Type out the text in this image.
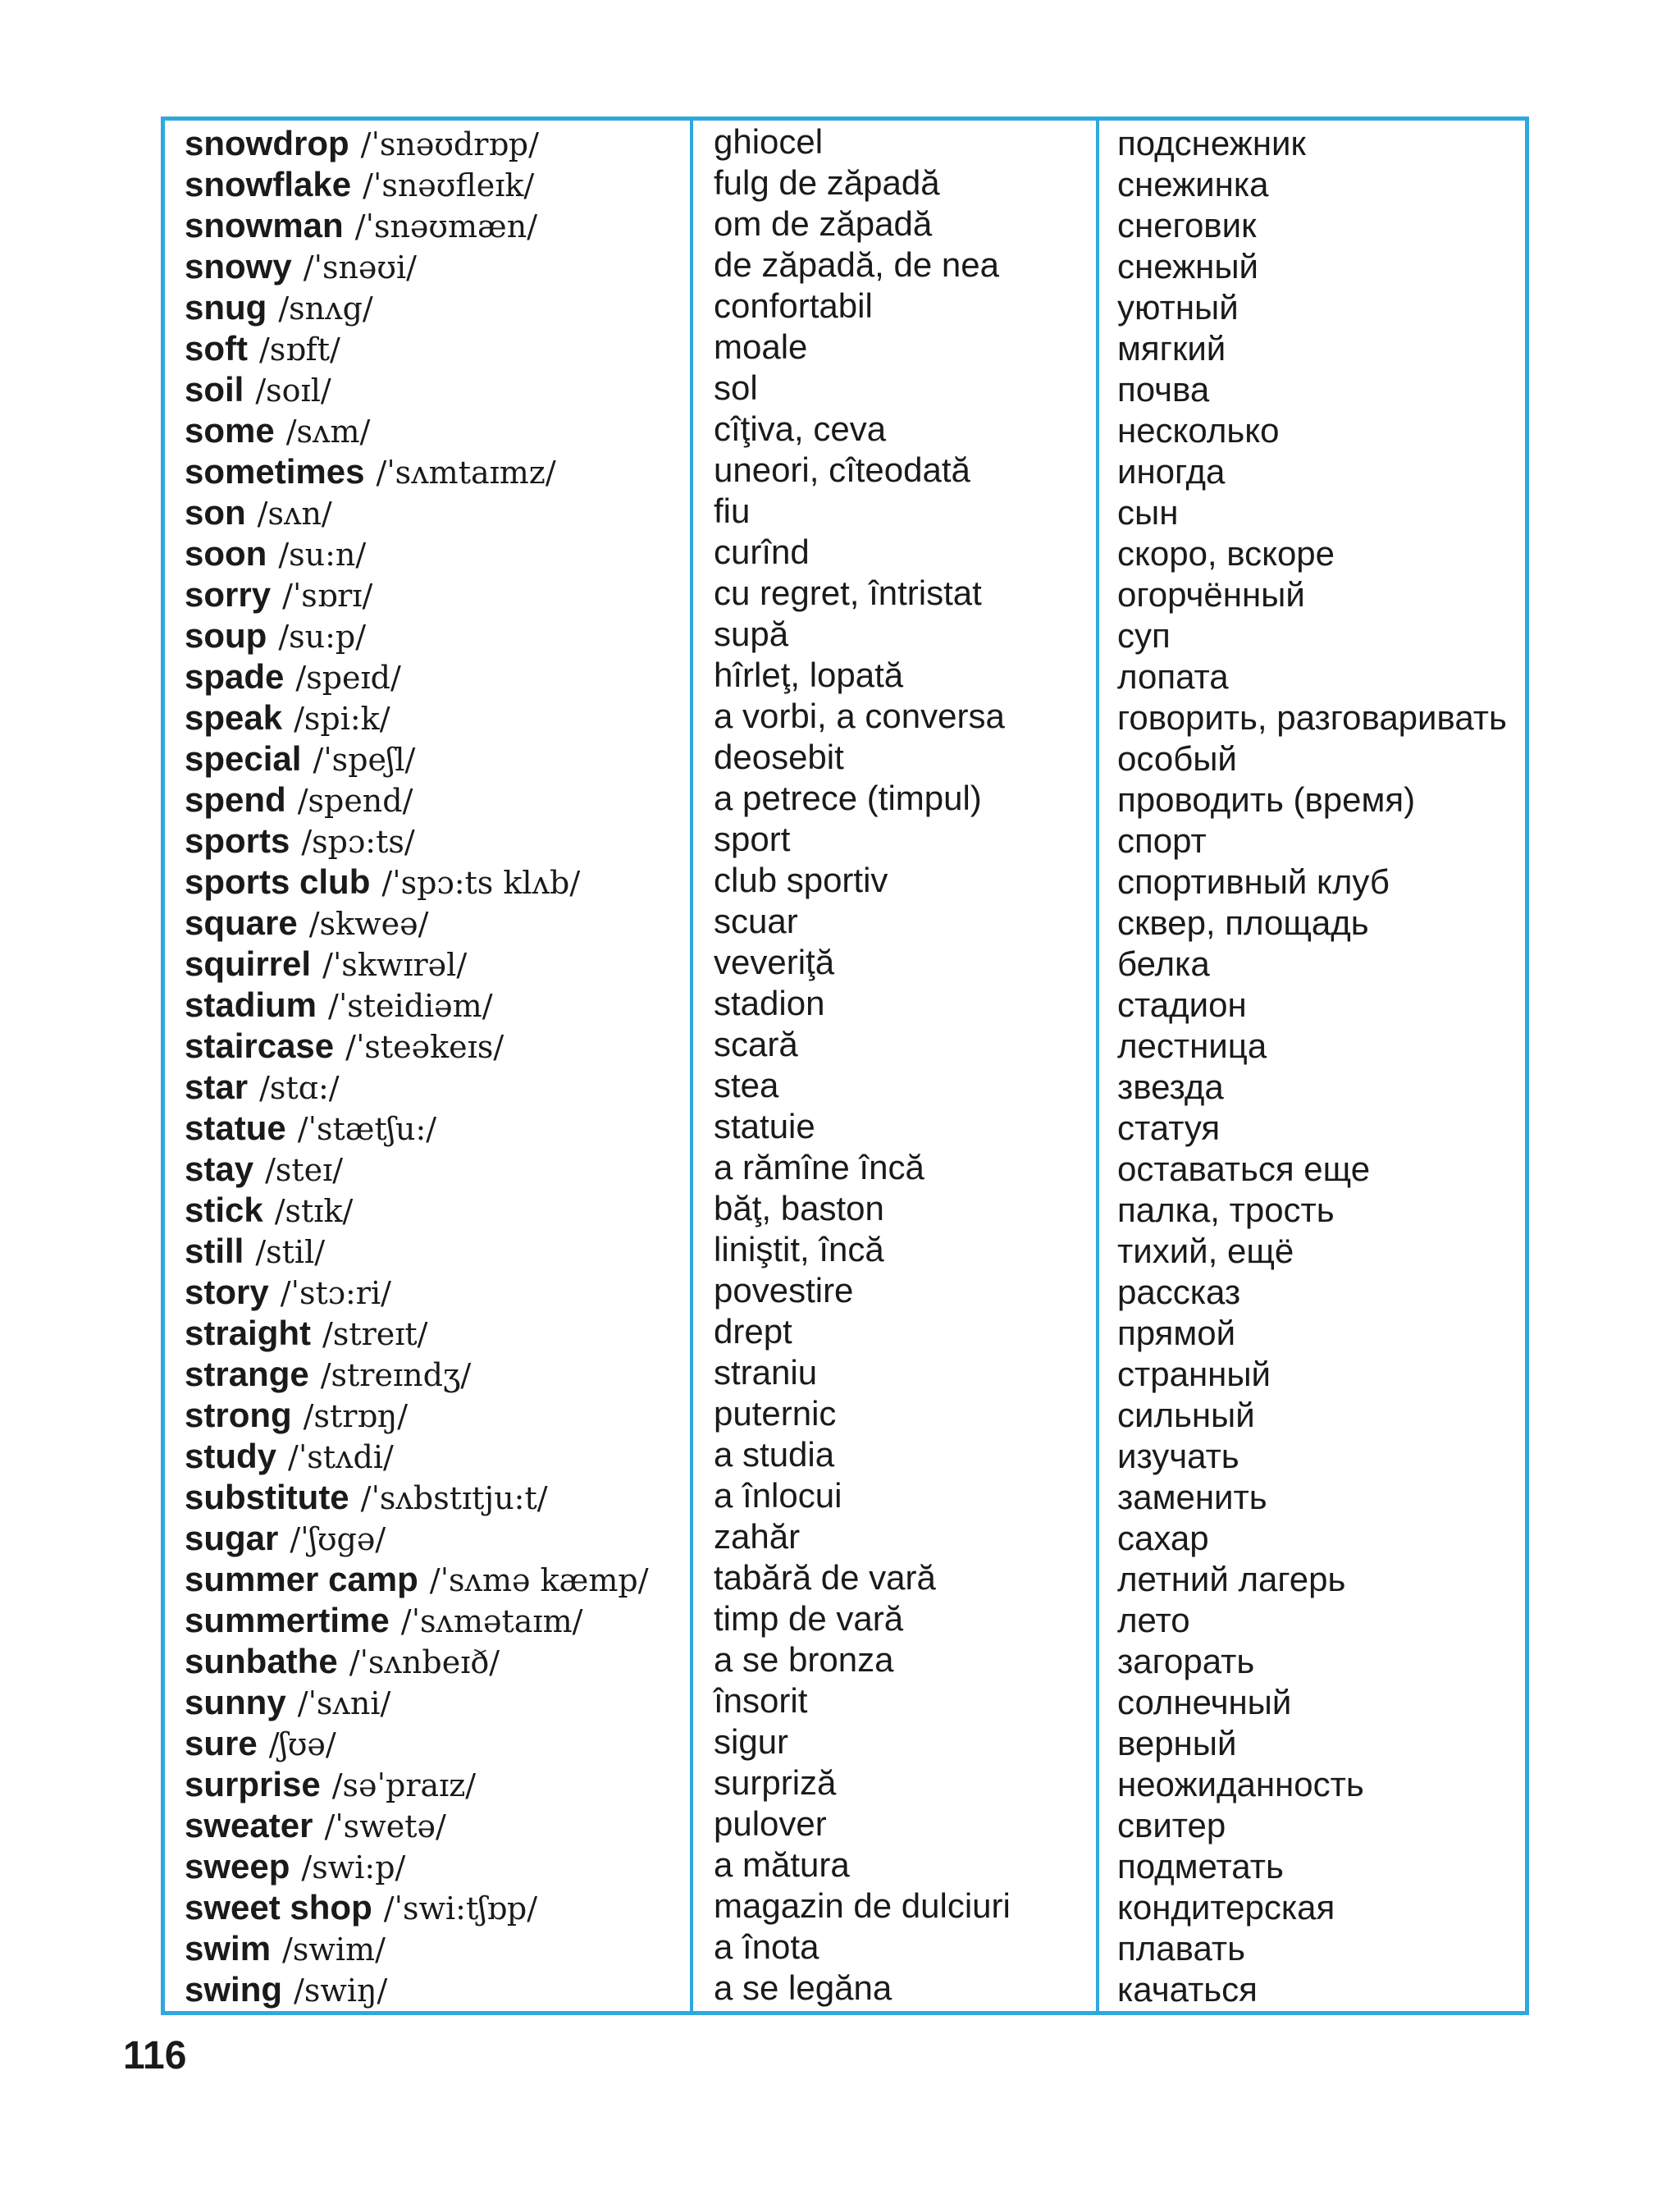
snowdrop /ˈsnəʊdrɒp/
snowflake /ˈsnəʊfleɪk/
snowman /ˈsnəʊmæn/
snowy /ˈsnəʊi/
snug /snʌg/
soft /sɒft/
soil /soɪl/
some /sʌm/
sometimes /ˈsʌmtaɪmz/
son /sʌn/
soon /su:n/
sorry /ˈsɒrɪ/
soup /su:p/
spade /speɪd/
speak /spi:k/
special /ˈspeʃl/
spend /spend/
sports /spɔ:ts/
sports club /ˈspɔ:ts klʌb/
square /skweə/
squirrel /ˈskwɪrəl/
stadium /ˈsteidiəm/
staircase /ˈsteəkeɪs/
star /stɑ:/
statue /ˈstætʃu:/
stay /steɪ/
stick /stɪk/
still /stil/
story /ˈstɔ:ri/
straight /streɪt/
strange /streɪndʒ/
strong /strɒŋ/
study /ˈstʌdi/
substitute /ˈsʌbstɪtju:t/
sugar /ˈʃʊgə/
summer camp /ˈsʌmə kæmp/
summertime /ˈsʌmətaɪm/
sunbathe /ˈsʌnbeɪð/
sunny /ˈsʌni/
sure /ʃʊə/
surprise /səˈpraɪz/
sweater /ˈswetə/
sweep /swi:p/
sweet shop /ˈswi:tʃɒp/
swim /swim/
swing /swiŋ/
ghiocel
fulg de zăpadă
om de zăpadă
de zăpadă, de nea
confortabil
moale
sol
cîţiva, ceva
uneori, cîteodată
fiu
curînd
cu regret, întristat
supă
hîrleţ, lopată
a vorbi, a conversa
deosebit
a petrece (timpul)
sport
club sportiv
scuar
veveriţă
stadion
scară
stea
statuie
a rămîne încă
băţ, baston
liniştit, încă
povestire
drept
straniu
puternic
a studia
a înlocui
zahăr
tabără de vară
timp de vară
a se bronza
însorit
sigur
surpriză
pulover
a mătura
magazin de dulciuri
a înota
a se legăna
подснежник
снежинка
снеговик
снежный
уютный
мягкий
почва
несколько
иногда
сын
скоро, вскоре
огорчённый
суп
лопата
говорить, разговаривать
особый
проводить (время)
спорт
спортивный клуб
сквер, площадь
белка
стадион
лестница
звезда
статуя
оставаться еще
палка, трость
тихий, ещё
рассказ
прямой
странный
сильный
изучать
заменить
сахар
летний лагерь
лето
загорать
солнечный
верный
неожиданность
свитер
подметать
кондитерская
плавать
качаться
116
